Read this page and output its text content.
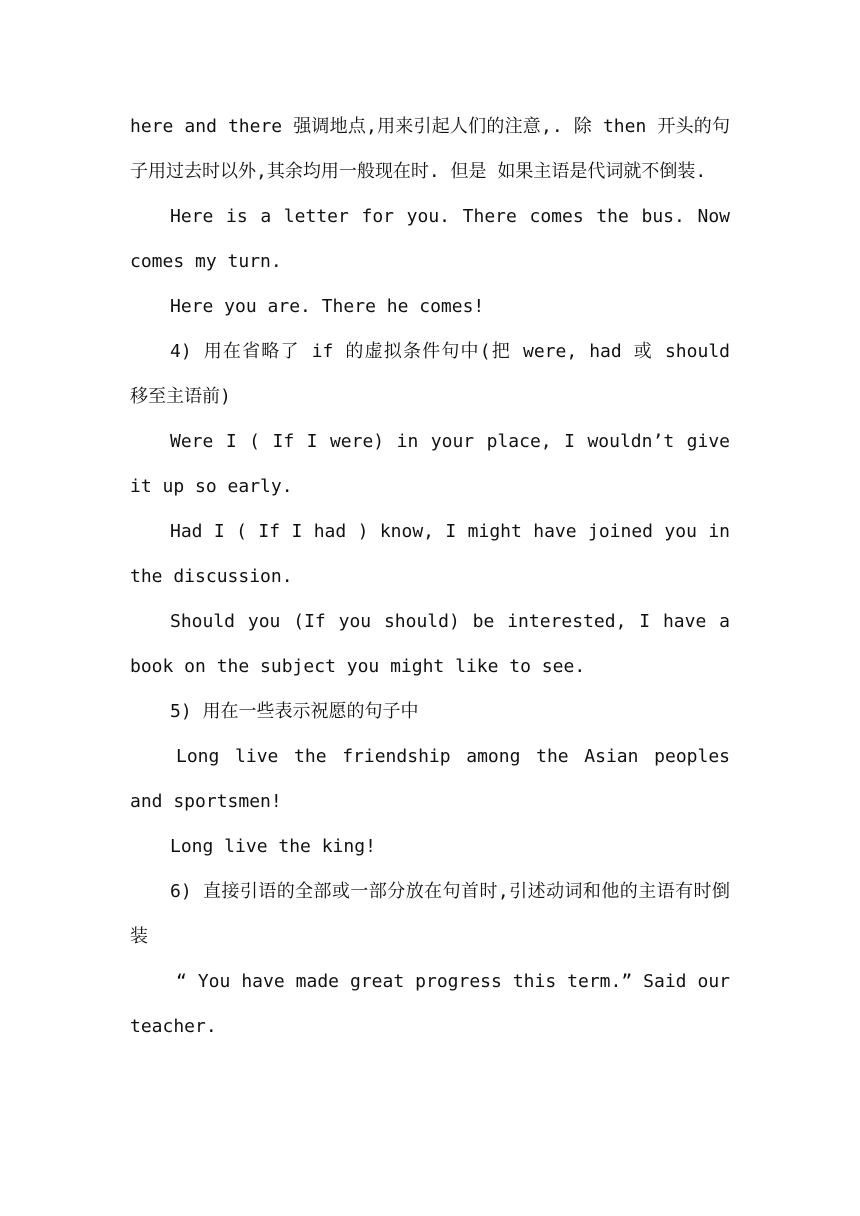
here and there 强调地点,用来引起人们的注意,. 除 then 开头的句子用过去时以外,其余均用一般现在时. 但是 如果主语是代词就不倒装.

Here is a letter for you. There comes the bus. Now comes my turn.

Here you are. There he comes!

4) 用在省略了 if 的虚拟条件句中(把 were, had 或 should 移至主语前)

Were I ( If I were) in your place, I wouldn’t give it up so early.

Had I ( If I had ) know, I might have joined you in the discussion.

Should you (If you should) be interested, I have a book on the subject you might like to see.

5) 用在一些表示祝愿的句子中

Long live the friendship among the Asian peoples and sportsmen!

Long live the king!

6) 直接引语的全部或一部分放在句首时,引述动词和他的主语有时倒装

“ You have made great progress this term.” Said our teacher.
